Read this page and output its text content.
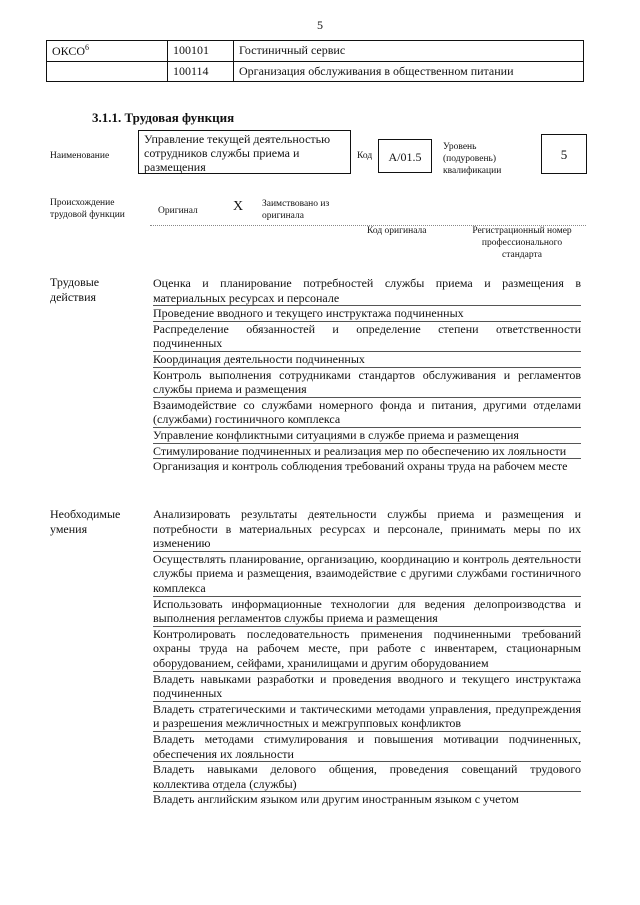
5
ОКСО$^6$	100101	Гостиничный сервис
	100114	Организация обслуживания в общественном питании
3.1.1. Трудовая функция
Наименование
Управление текущей деятельностью сотрудников службы приема и размещения
Код	А/01.5
Уровень (подуровень) квалификации
5
Происхождение трудовой функции	Оригинал	X Заимствовано из оригинала
Код оригинала	Регистрационный номер профессионального стандарта
Трудовые действия

Оценка и планирование потребностей службы приема и размещения в материальных ресурсах и персонале

Проведение вводного и текущего инструктажа подчиненных

Распределение обязанностей и определение степени ответственности подчиненных

Координация деятельности подчиненных

Контроль выполнения сотрудниками стандартов обслуживания и регламентов службы приема и размещения

Взаимодействие со службами номерного фонда и питания, другими отделами (службами) гостиничного комплекса

Управление конфликтными ситуациями в службе приема и размещения

Стимулирование подчиненных и реализация мер по обеспечению их лояльности

Организация и контроль соблюдения требований охраны труда на рабочем месте

Необходимые умения

Анализировать результаты деятельности службы приема и размещения и потребности в материальных ресурсах и персонале, принимать меры по их изменению

Осуществлять планирование, организацию, координацию и контроль деятельности службы приема и размещения, взаимодействие с другими службами гостиничного комплекса

Использовать информационные технологии для ведения делопроизводства и выполнения регламентов службы приема и размещения

Контролировать последовательность применения подчиненными требований охраны труда на рабочем месте, при работе с инвентарем, стационарным оборудованием, сейфами, хранилищами и другим оборудованием

Владеть навыками разработки и проведения вводного и текущего инструктажа подчиненных

Владеть стратегическими и тактическими методами управления, предупреждения и разрешения межличностных и межгрупповых конфликтов

Владеть методами стимулирования и повышения мотивации подчиненных, обеспечения их лояльности

Владеть навыками делового общения, проведения совещаний трудового коллектива отдела (службы)

Владеть английским языком или другим иностранным языком с учетом
